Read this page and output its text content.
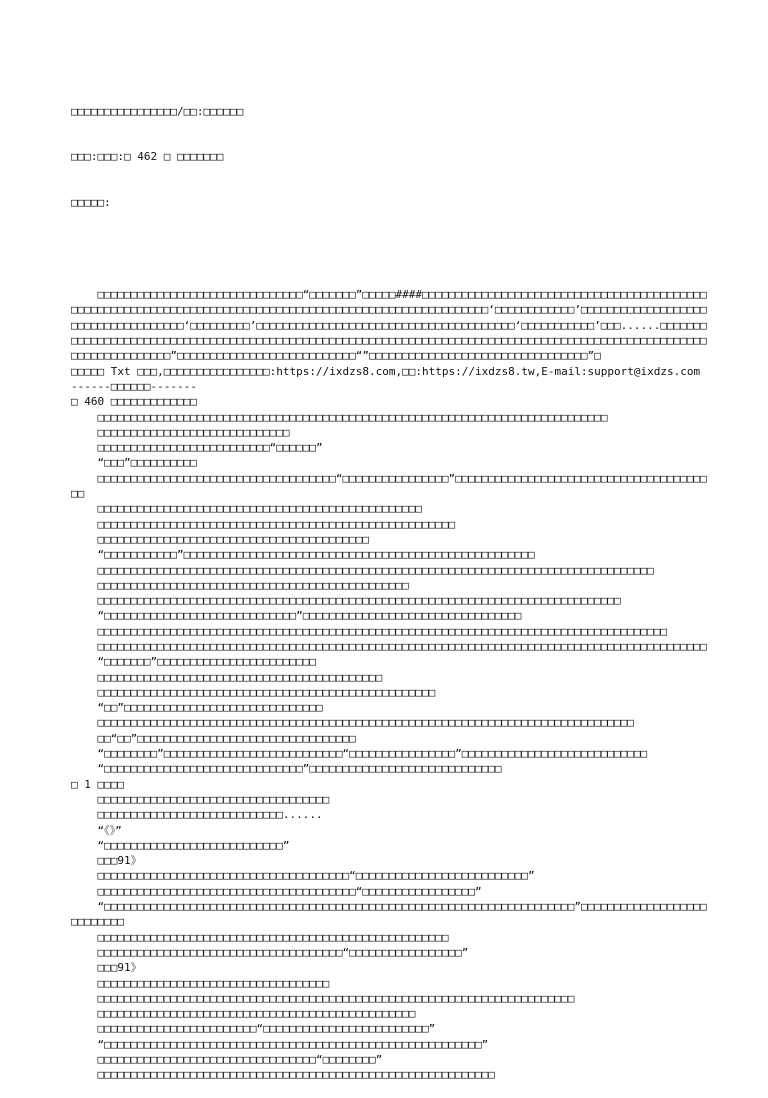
□□□□□□□□□□□□□□□□/□□:□□□□□□

□□□:□□□:□ 462 □ □□□□□□□

□□□□□:

□□□□□□□□□□□□□□□□□□□□□□□□□□□□□□□“□□□□□□□”□□□□□####□□□□□□□□□□□□□□□□□□□□□□□□□□□□□□□□□□□□□□□□□□□□□□□□□□□□□□□□□□□□□□□□□□□□□□□□□□□□□□□□□□□□□□□□□□□□□□□□□□□□□□□□□□‘□□□□□□□□□□□□’□□□□□□□□□□□□□□□□□□□□□□□□□□□□□□□□□□□□‘□□□□□□□□□’□□□□□□□□□□□□□□□□□□□□□□□□□□□□□□□□□□□□□□□‘□□□□□□□□□□□’□□□......□□□□□□□□□□□□□□□□□□□□□□□□□□□□□□□□□□□□□□□□□□□□□□□□□□□□□□□□□□□□□□□□□□□□□□□□□□□□□□□□□□□□□□□□□□□□□□□□□□□□□□□□□□□□□□□□□□□□□□”□□□□□□□□□□□□□□□□□□□□□□□□□□□“”□□□□□□□□□□□□□□□□□□□□□□□□□□□□□□□□□”□
□□□□□ Txt □□□,□□□□□□□□□□□□□□□□:https://ixdzs8.com,□□:https://ixdzs8.tw,E-mail:support@ixdzs.com
------□□□□□□-------
□ 460 □□□□□□□□□□□□□
□□□□□□□□□□□□□□□□□□□□□□□□□□□□□□□□□□□□□□□□□□□□□□□□□□□□□□□□□□□□□□□□□□□□□□□□□□□□□
□□□□□□□□□□□□□□□□□□□□□□□□□□□□□
□□□□□□□□□□□□□□□□□□□□□□□□□□“□□□□□□”
“□□□”□□□□□□□□□□
□□□□□□□□□□□□□□□□□□□□□□□□□□□□□□□□□□□□“□□□□□□□□□□□□□□□□”□□□□□□□□□□□□□□□□□□□□□□□□□□□□□□□□□□□□□□□□
□□□□□□□□□□□□□□□□□□□□□□□□□□□□□□□□□□□□□□□□□□□□□□□□□
□□□□□□□□□□□□□□□□□□□□□□□□□□□□□□□□□□□□□□□□□□□□□□□□□□□□□□
□□□□□□□□□□□□□□□□□□□□□□□□□□□□□□□□□□□□□□□□□
“□□□□□□□□□□□”□□□□□□□□□□□□□□□□□□□□□□□□□□□□□□□□□□□□□□□□□□□□□□□□□□□□□
□□□□□□□□□□□□□□□□□□□□□□□□□□□□□□□□□□□□□□□□□□□□□□□□□□□□□□□□□□□□□□□□□□□□□□□□□□□□□□□□□□□□
□□□□□□□□□□□□□□□□□□□□□□□□□□□□□□□□□□□□□□□□□□□□□□□
□□□□□□□□□□□□□□□□□□□□□□□□□□□□□□□□□□□□□□□□□□□□□□□□□□□□□□□□□□□□□□□□□□□□□□□□□□□□□□□
“□□□□□□□□□□□□□□□□□□□□□□□□□□□□□”□□□□□□□□□□□□□□□□□□□□□□□□□□□□□□□□□
□□□□□□□□□□□□□□□□□□□□□□□□□□□□□□□□□□□□□□□□□□□□□□□□□□□□□□□□□□□□□□□□□□□□□□□□□□□□□□□□□□□□□□
□□□□□□□□□□□□□□□□□□□□□□□□□□□□□□□□□□□□□□□□□□□□□□□□□□□□□□□□□□□□□□□□□□□□□□□□□□□□□□□□□□□□□□□□□□□□
“□□□□□□□”□□□□□□□□□□□□□□□□□□□□□□□□
□□□□□□□□□□□□□□□□□□□□□□□□□□□□□□□□□□□□□□□□□□□
□□□□□□□□□□□□□□□□□□□□□□□□□□□□□□□□□□□□□□□□□□□□□□□□□□□
“□□”□□□□□□□□□□□□□□□□□□□□□□□□□□□□□□
□□□□□□□□□□□□□□□□□□□□□□□□□□□□□□□□□□□□□□□□□□□□□□□□□□□□□□□□□□□□□□□□□□□□□□□□□□□□□□□□□
□□“□□”□□□□□□□□□□□□□□□□□□□□□□□□□□□□□□□□□
“□□□□□□□□”□□□□□□□□□□□□□□□□□□□□□□□□□□□“□□□□□□□□□□□□□□□□”□□□□□□□□□□□□□□□□□□□□□□□□□□□□
“□□□□□□□□□□□□□□□□□□□□□□□□□□□□□□”□□□□□□□□□□□□□□□□□□□□□□□□□□□□□
□ 1 □□□□
□□□□□□□□□□□□□□□□□□□□□□□□□□□□□□□□□□□
□□□□□□□□□□□□□□□□□□□□□□□□□□□□......
“《》”
“□□□□□□□□□□□□□□□□□□□□□□□□□□□”
□□□91》
□□□□□□□□□□□□□□□□□□□□□□□□□□□□□□□□□□□□□□“□□□□□□□□□□□□□□□□□□□□□□□□□□”
□□□□□□□□□□□□□□□□□□□□□□□□□□□□□□□□□□□□□□□“□□□□□□□□□□□□□□□□□”
“□□□□□□□□□□□□□□□□□□□□□□□□□□□□□□□□□□□□□□□□□□□□□□□□□□□□□□□□□□□□□□□□□□□□□□□”□□□□□□□□□□□□□□□□□□□□□□□□□□□
□□□□□□□□□□□□□□□□□□□□□□□□□□□□□□□□□□□□□□□□□□□□□□□□□□□□□
□□□□□□□□□□□□□□□□□□□□□□□□□□□□□□□□□□□□□“□□□□□□□□□□□□□□□□□”
□□□91》
□□□□□□□□□□□□□□□□□□□□□□□□□□□□□□□□□□□
□□□□□□□□□□□□□□□□□□□□□□□□□□□□□□□□□□□□□□□□□□□□□□□□□□□□□□□□□□□□□□□□□□□□□□□□
□□□□□□□□□□□□□□□□□□□□□□□□□□□□□□□□□□□□□□□□□□□□□□□□
□□□□□□□□□□□□□□□□□□□□□□□□“□□□□□□□□□□□□□□□□□□□□□□□□□”
“□□□□□□□□□□□□□□□□□□□□□□□□□□□□□□□□□□□□□□□□□□□□□□□□□□□□□□□□□”
□□□□□□□□□□□□□□□□□□□□□□□□□□□□□□□□□“□□□□□□□□”
□□□□□□□□□□□□□□□□□□□□□□□□□□□□□□□□□□□□□□□□□□□□□□□□□□□□□□□□□□□□
